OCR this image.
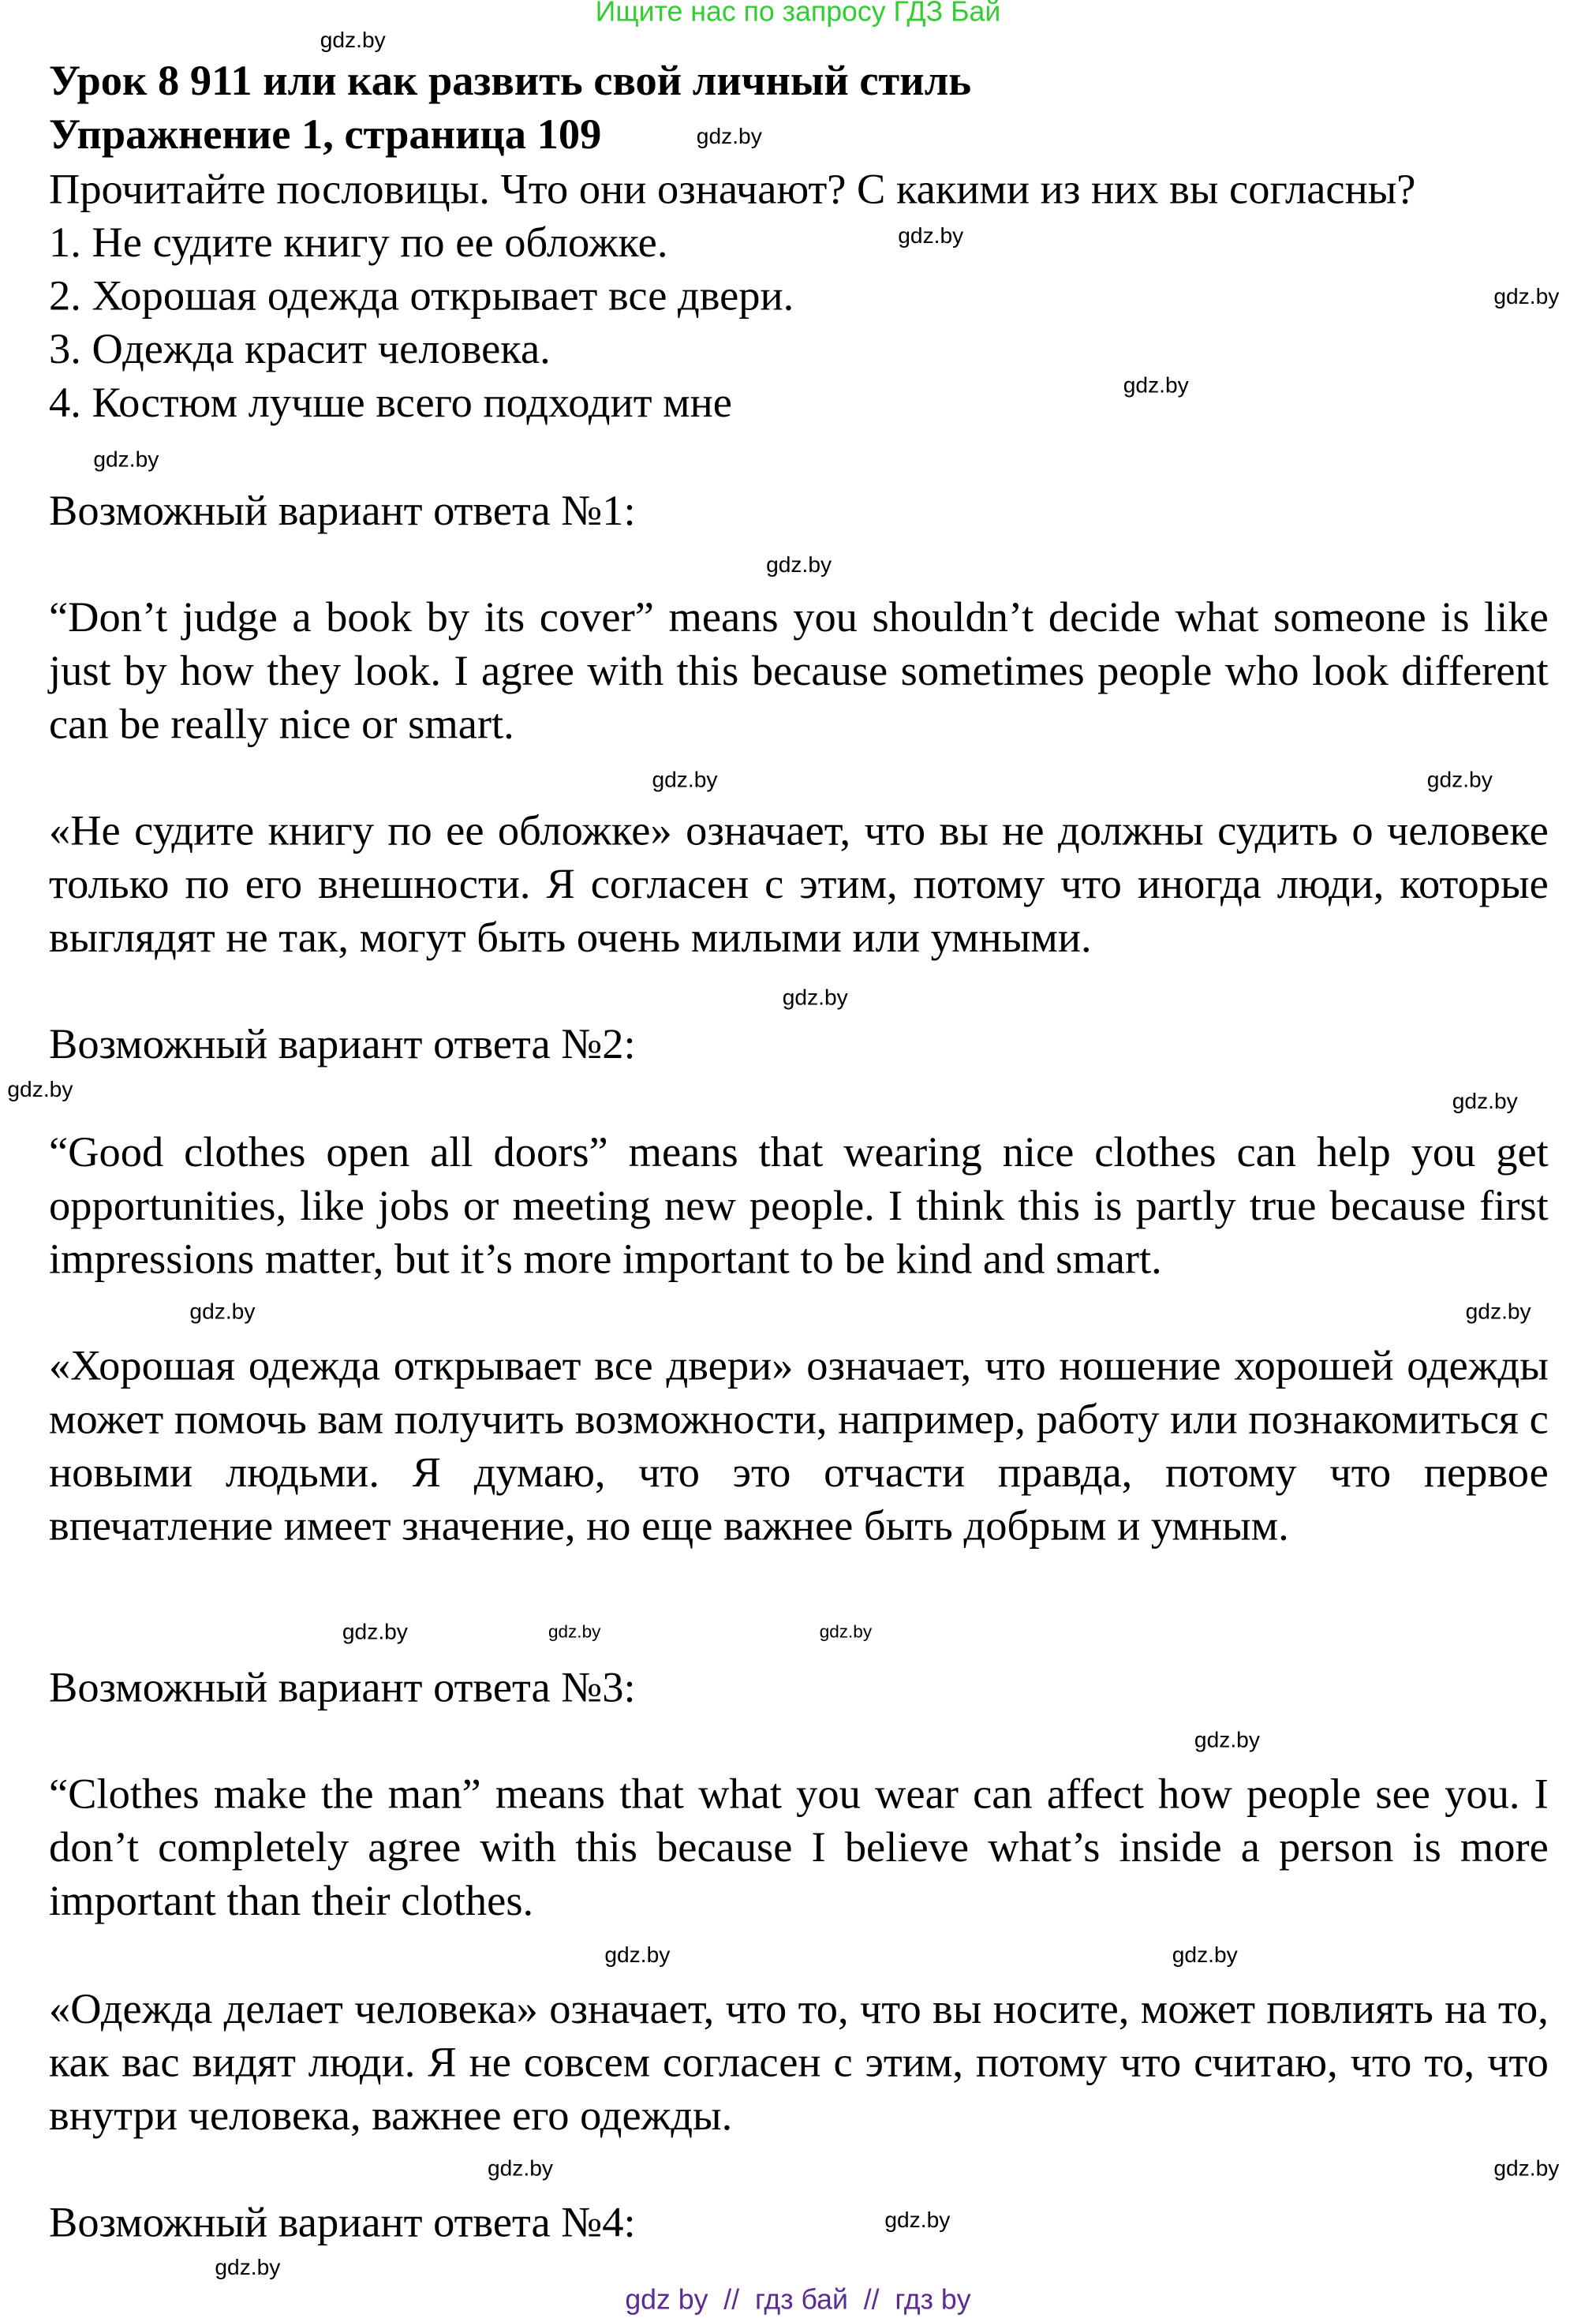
Ищите нас по запросу ГДЗ Бай
Урок 8 911 или как развить свой личный стиль
Упражнение 1, страница 109
Прочитайте пословицы. Что они означают? С какими из них вы согласны?
1. Не судите книгу по ее обложке.
2. Хорошая одежда открывает все двери.
3. Одежда красит человека.
4. Костюм лучше всего подходит мне
Возможный вариант ответа №1:
“Don’t judge a book by its cover” means you shouldn’t decide what someone is like just by how they look. I agree with this because sometimes people who look different can be really nice or smart.
«Не судите книгу по ее обложке» означает, что вы не должны судить о человеке только по его внешности. Я согласен с этим, потому что иногда люди, которые выглядят не так, могут быть очень милыми или умными.
Возможный вариант ответа №2:
“Good clothes open all doors” means that wearing nice clothes can help you get opportunities, like jobs or meeting new people. I think this is partly true because first impressions matter, but it’s more important to be kind and smart.
«Хорошая одежда открывает все двери» означает, что ношение хорошей одежды может помочь вам получить возможности, например, работу или познакомиться с новыми людьми. Я думаю, что это отчасти правда, потому что первое впечатление имеет значение, но еще важнее быть добрым и умным.
Возможный вариант ответа №3:
“Clothes make the man” means that what you wear can affect how people see you. I don’t completely agree with this because I believe what’s inside a person is more important than their clothes.
«Одежда делает человека» означает, что то, что вы носите, может повлиять на то, как вас видят люди. Я не совсем согласен с этим, потому что считаю, что то, что внутри человека, важнее его одежды.
Возможный вариант ответа №4:
gdz.by
gdz.by
gdz.by
gdz.by
gdz.by
gdz.by
gdz.by
gdz.by
gdz.by
gdz.by
gdz.by	gdz.by
gdz.by
gdz.by
gdz.by
gdz.by
gdz.by
gdz.by
gdz.by
gdz.by
gdz.by
gdz.by
gdz.by
gdz.by
gdz by  //  гдз бай  //  гдз by
